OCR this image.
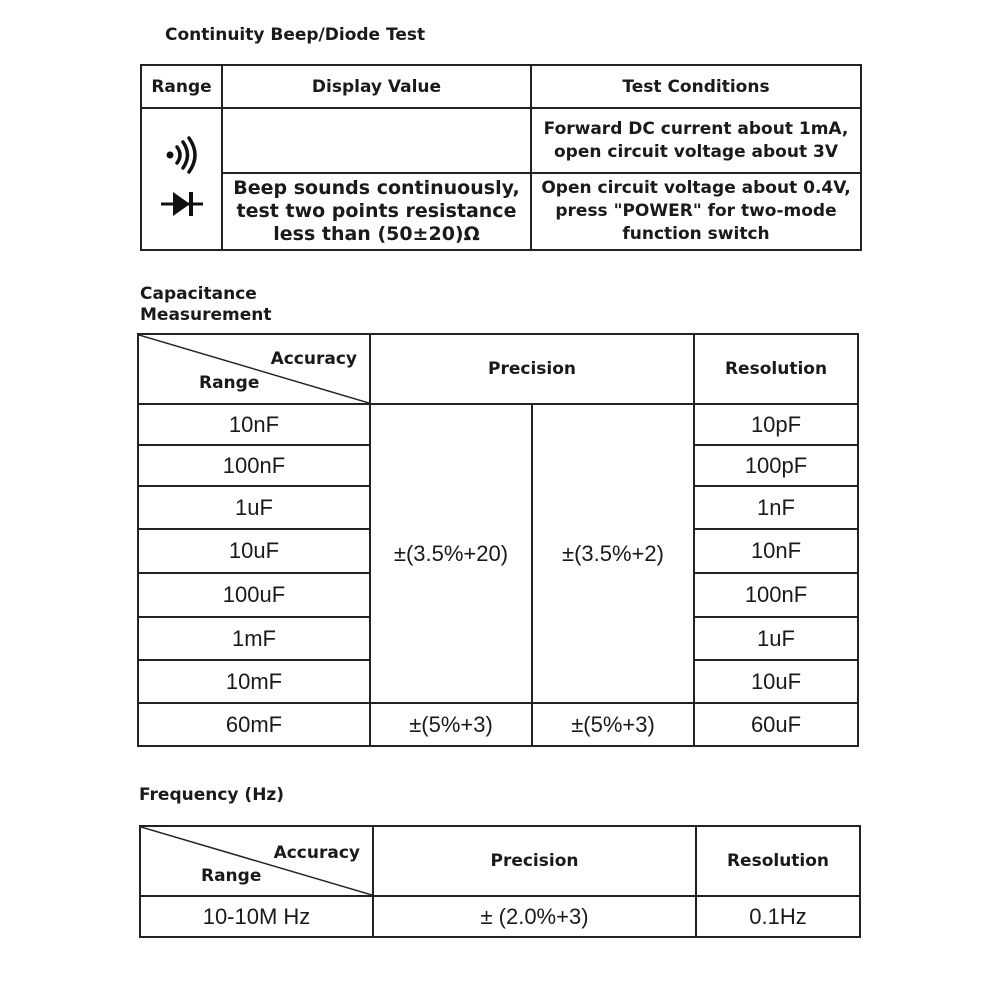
Continuity Beep/Diode Test
Range	Display Value	Test Conditions

		Forward DC current about 1mA, open circuit voltage about 3V
	Beep sounds continuously, test two points resistance less than (50±20)Ω	Open circuit voltage about 0.4V, press "POWER" for two-mode function switch
Capacitance Measurement
Accuracy
Range	Precision		Resolution
10nF	±(3.5%+20)	±(3.5%+2)	10pF
100nF			100pF
1uF			1nF
10uF			10nF
100uF			100nF
1mF			1uF
10mF			10uF
60mF	±(5%+3)	±(5%+3)	60uF
Frequency (Hz)
Accuracy
Range	Precision	Resolution
10-10M Hz	± (2.0%+3)	0.1Hz
